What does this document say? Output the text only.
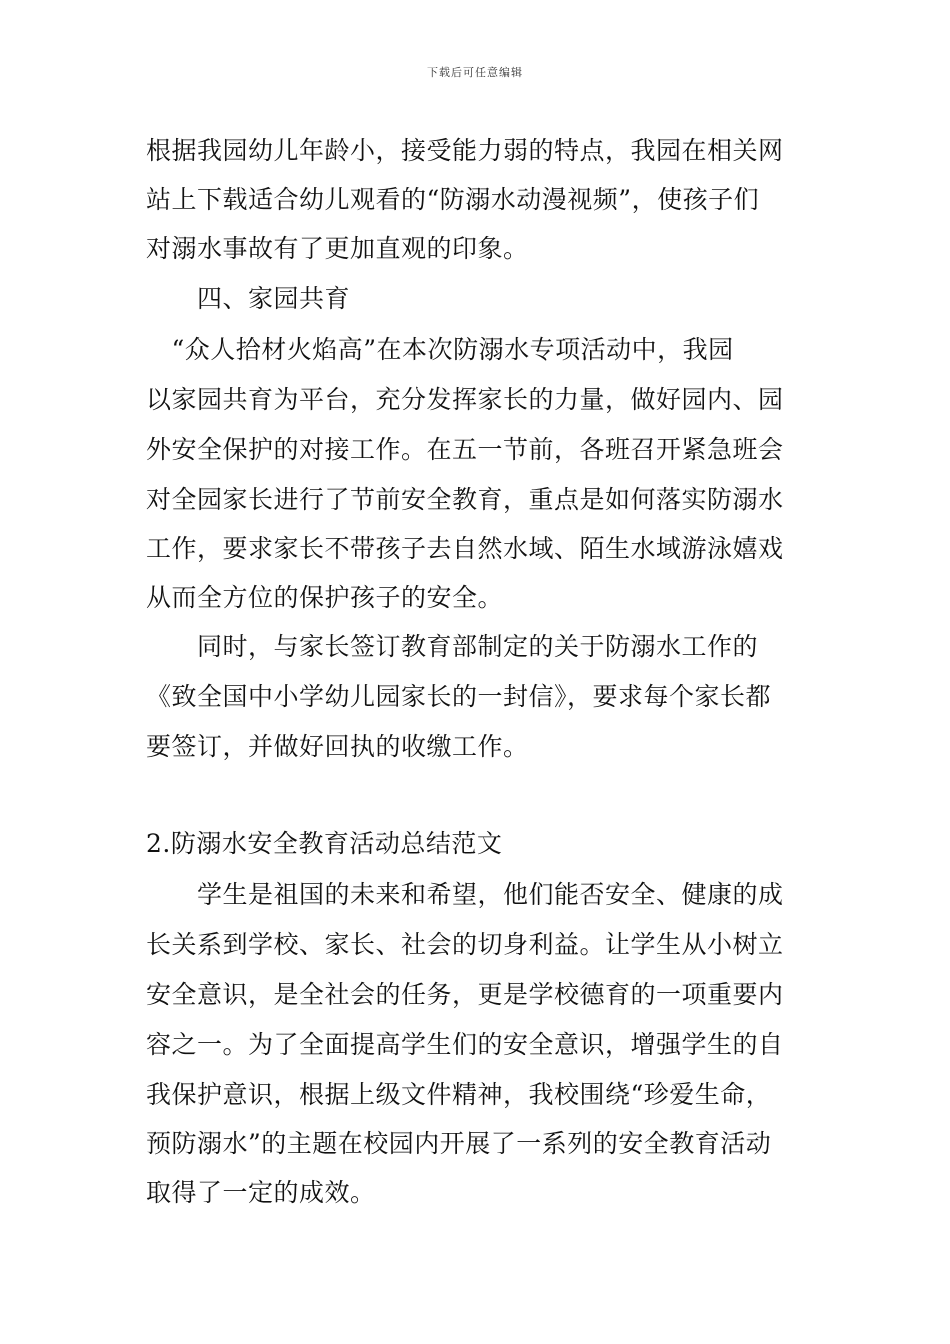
下载后可任意编辑
根据我园幼儿年龄小，接受能力弱的特点，我园在相关网
站上下载适合幼儿观看的“防溺水动漫视频”，使孩子们
对溺水事故有了更加直观的印象。
　　四、家园共育
　“众人拾材火焰高”在本次防溺水专项活动中，我园
以家园共育为平台，充分发挥家长的力量，做好园内、园
外安全保护的对接工作。在五一节前，各班召开紧急班会
对全园家长进行了节前安全教育，重点是如何落实防溺水
工作，要求家长不带孩子去自然水域、陌生水域游泳嬉戏
从而全方位的保护孩子的安全。
　　同时，与家长签订教育部制定的关于防溺水工作的
《致全国中小学幼儿园家长的一封信》，要求每个家长都
要签订，并做好回执的收缴工作。
2.防溺水安全教育活动总结范文
　　学生是祖国的未来和希望，他们能否安全、健康的成
长关系到学校、家长、社会的切身利益。让学生从小树立
安全意识，是全社会的任务，更是学校德育的一项重要内
容之一。为了全面提高学生们的安全意识，增强学生的自
我保护意识，根据上级文件精神，我校围绕“珍爱生命，
预防溺水”的主题在校园内开展了一系列的安全教育活动
取得了一定的成效。
